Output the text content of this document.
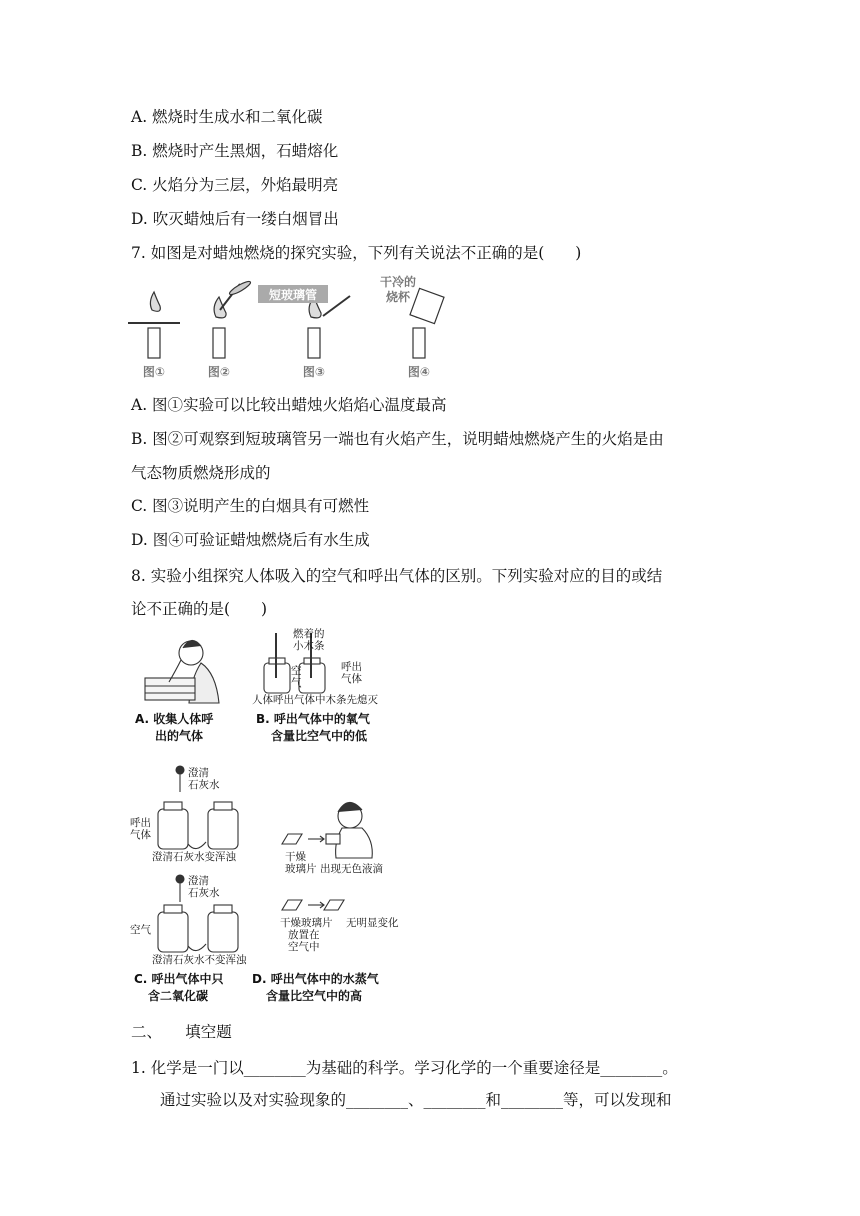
A. 燃烧时生成水和二氧化碳
B. 燃烧时产生黑烟，石蜡熔化
C. 火焰分为三层，外焰最明亮
D. 吹灭蜡烛后有一缕白烟冒出
7. 如图是对蜡烛燃烧的探究实验，下列有关说法不正确的是(　　)
短玻璃管
干冷的
烧杯
图①	图②	图③	图④
A. 图①实验可以比较出蜡烛火焰焰心温度最高
B. 图②可观察到短玻璃管另一端也有火焰产生，说明蜡烛燃烧产生的火焰是由
气态物质燃烧形成的
C. 图③说明产生的白烟具有可燃性
D. 图④可验证蜡烛燃烧后有水生成
8. 实验小组探究人体吸入的空气和呼出气体的区别。下列实验对应的目的或结
论不正确的是(　　)
燃着的
小木条
空
气
呼出
气体
人体呼出气体中木条先熄灭
A. 收集人体呼
出的气体
B. 呼出气体中的氧气
含量比空气中的低
澄清
石灰水
呼出
气体
澄清石灰水变浑浊
澄清
石灰水
空气
澄清石灰水不变浑浊
干燥
玻璃片 出现无色液滴
干燥玻璃片
放置在
空气中
无明显变化
C. 呼出气体中只
含二氧化碳
D. 呼出气体中的水蒸气
含量比空气中的高
二、　　填空题
1. 化学是一门以________为基础的科学。学习化学的一个重要途径是________。
通过实验以及对实验现象的________、________和________等，可以发现和
